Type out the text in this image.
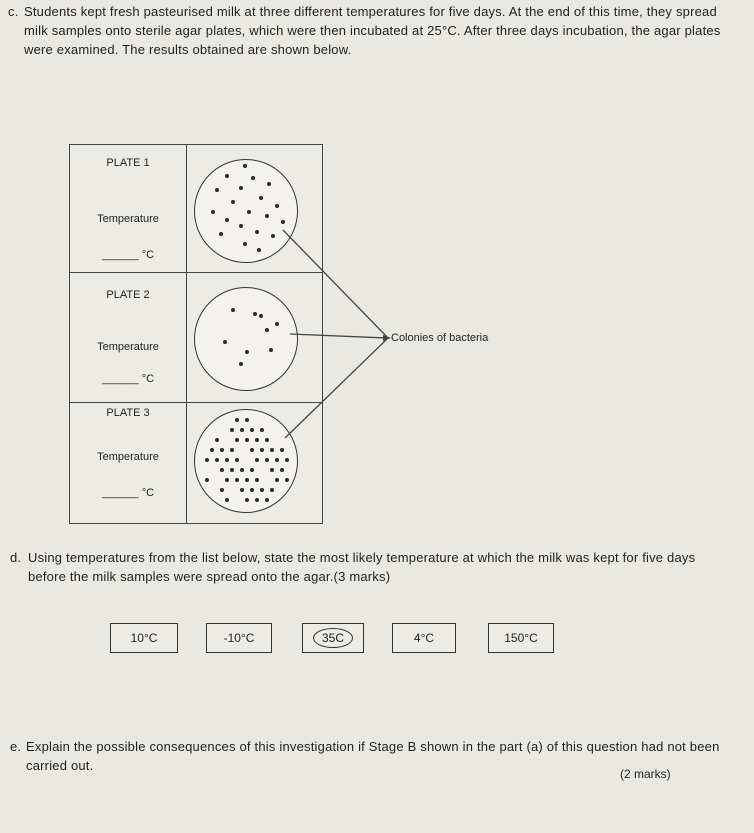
c. Students kept fresh pasteurised milk at three different temperatures for five days. At the end of this time, they spread milk samples onto sterile agar plates, which were then incubated at 25°C. After three days incubation, the agar plates were examined. The results obtained are shown below.
PLATE 1
Temperature
______ °C
PLATE 2
Temperature
______ °C
PLATE 3
Temperature
______ °C
Colonies of bacteria
d. Using temperatures from the list below, state the most likely temperature at which the milk was kept for five days before the milk samples were spread onto the agar.(3 marks)
10°C	-10°C	35C	4°C	150°C
e. Explain the possible consequences of this investigation if Stage B shown in the part (a) of this question had not been carried out.
(2 marks)
